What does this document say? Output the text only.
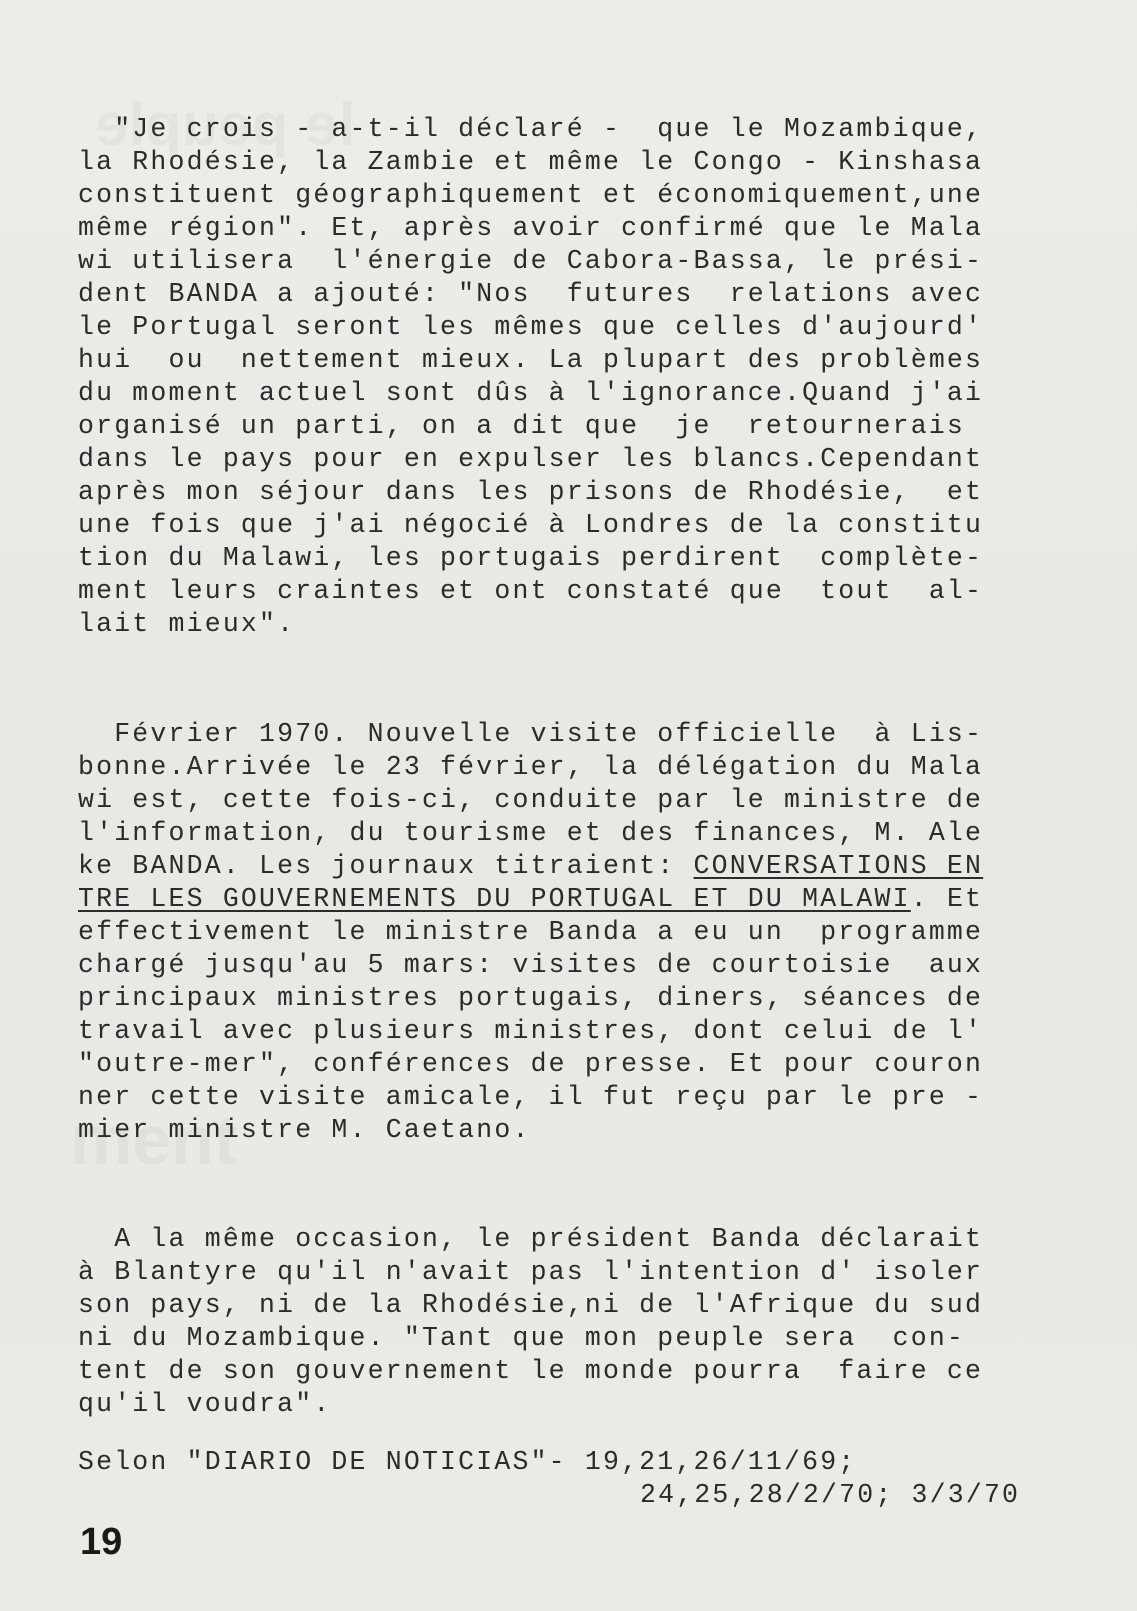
"Je crois - a-t-il déclaré -  que le Mozambique,
la Rhodésie, la Zambie et même le Congo - Kinshasa
constituent géographiquement et économiquement,une
même région". Et, après avoir confirmé que le Mala
wi utilisera  l'énergie de Cabora-Bassa, le prési-
dent BANDA a ajouté: "Nos  futures  relations avec
le Portugal seront les mêmes que celles d'aujourd'
hui  ou  nettement mieux. La plupart des problèmes
du moment actuel sont dûs à l'ignorance.Quand j'ai
organisé un parti, on a dit que  je  retournerais
dans le pays pour en expulser les blancs.Cependant
après mon séjour dans les prisons de Rhodésie,  et
une fois que j'ai négocié à Londres de la constitu
tion du Malawi, les portugais perdirent  complète-
ment leurs craintes et ont constaté que  tout  al-
lait mieux".
Février 1970. Nouvelle visite officielle  à Lis-
bonne.Arrivée le 23 février, la délégation du Mala
wi est, cette fois-ci, conduite par le ministre de
l'information, du tourisme et des finances, M. Ale
ke BANDA. Les journaux titraient: CONVERSATIONS EN
TRE LES GOUVERNEMENTS DU PORTUGAL ET DU MALAWI. Et
effectivement le ministre Banda a eu un  programme
chargé jusqu'au 5 mars: visites de courtoisie  aux
principaux ministres portugais, diners, séances de
travail avec plusieurs ministres, dont celui de l'
"outre-mer", conférences de presse. Et pour couron
ner cette visite amicale, il fut reçu par le pre -
mier ministre M. Caetano.
A la même occasion, le président Banda déclarait
à Blantyre qu'il n'avait pas l'intention d' isoler
son pays, ni de la Rhodésie,ni de l'Afrique du sud
ni du Mozambique. "Tant que mon peuple sera  con-
tent de son gouvernement le monde pourra  faire ce
qu'il voudra".
Selon "DIARIO DE NOTICIAS"- 19,21,26/11/69;
24,25,28/2/70; 3/3/70
19
